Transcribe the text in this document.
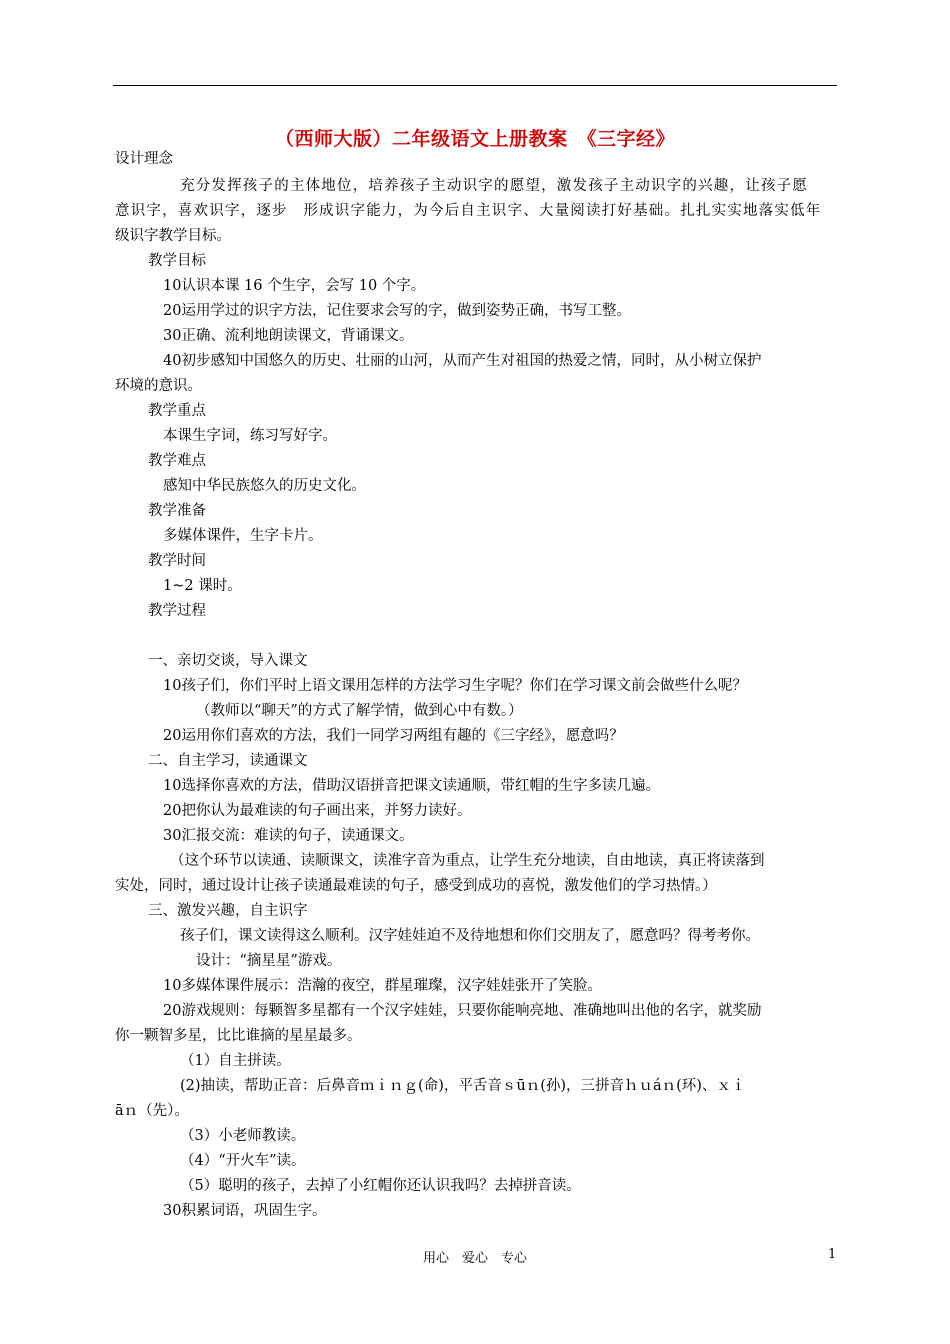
（西师大版）二年级语文上册教案　《三字经》
设计理念
充分发挥孩子的主体地位，培养孩子主动识字的愿望，激发孩子主动识字的兴趣，让孩子愿
意识字，喜欢识字，逐步　形成识字能力，为今后自主识字、大量阅读打好基础。扎扎实实地落实低年
级识字教学目标。
教学目标
10认识本课 16 个生字，会写 10 个字。
20运用学过的识字方法，记住要求会写的字，做到姿势正确，书写工整。
30正确、流利地朗读课文，背诵课文。
40初步感知中国悠久的历史、壮丽的山河，从而产生对祖国的热爱之情，同时，从小树立保护
环境的意识。
教学重点
本课生字词，练习写好字。
教学难点
感知中华民族悠久的历史文化。
教学准备
多媒体课件，生字卡片。
教学时间
1~2 课时。
教学过程
一、亲切交谈，导入课文
10孩子们，你们平时上语文课用怎样的方法学习生字呢？你们在学习课文前会做些什么呢？
（教师以“聊天”的方式了解学情，做到心中有数。）
20运用你们喜欢的方法，我们一同学习两组有趣的《三字经》，愿意吗？
二、自主学习，读通课文
10选择你喜欢的方法，借助汉语拼音把课文读通顺，带红帽的生字多读几遍。
20把你认为最难读的句子画出来，并努力读好。
30汇报交流：难读的句子，读通课文。
（这个环节以读通、读顺课文，读准字音为重点，让学生充分地读，自由地读，真正将读落到
实处，同时，通过设计让孩子读通最难读的句子，感受到成功的喜悦，激发他们的学习热情。）
三、激发兴趣，自主识字
孩子们，课文读得这么顺利。汉字娃娃迫不及待地想和你们交朋友了，愿意吗？得考考你。
设计：“摘星星”游戏。
10多媒体课件展示：浩瀚的夜空，群星璀璨，汉字娃娃张开了笑脸。
20游戏规则：每颗智多星都有一个汉字娃娃，只要你能响亮地、准确地叫出他的名字，就奖励
你一颗智多星，比比谁摘的星星最多。
（1）自主拼读。
(2)抽读，帮助正音：后鼻音ｍｉｎｇ(命)，平舌音ｓūｎ(孙)，三拼音ｈｕáｎ(环)、ｘｉ
āｎ（先）。
（3）小老师教读。
（4）“开火车”读。
（5）聪明的孩子，去掉了小红帽你还认识我吗？去掉拼音读。
30积累词语，巩固生字。
用心　爱心　专心	1
